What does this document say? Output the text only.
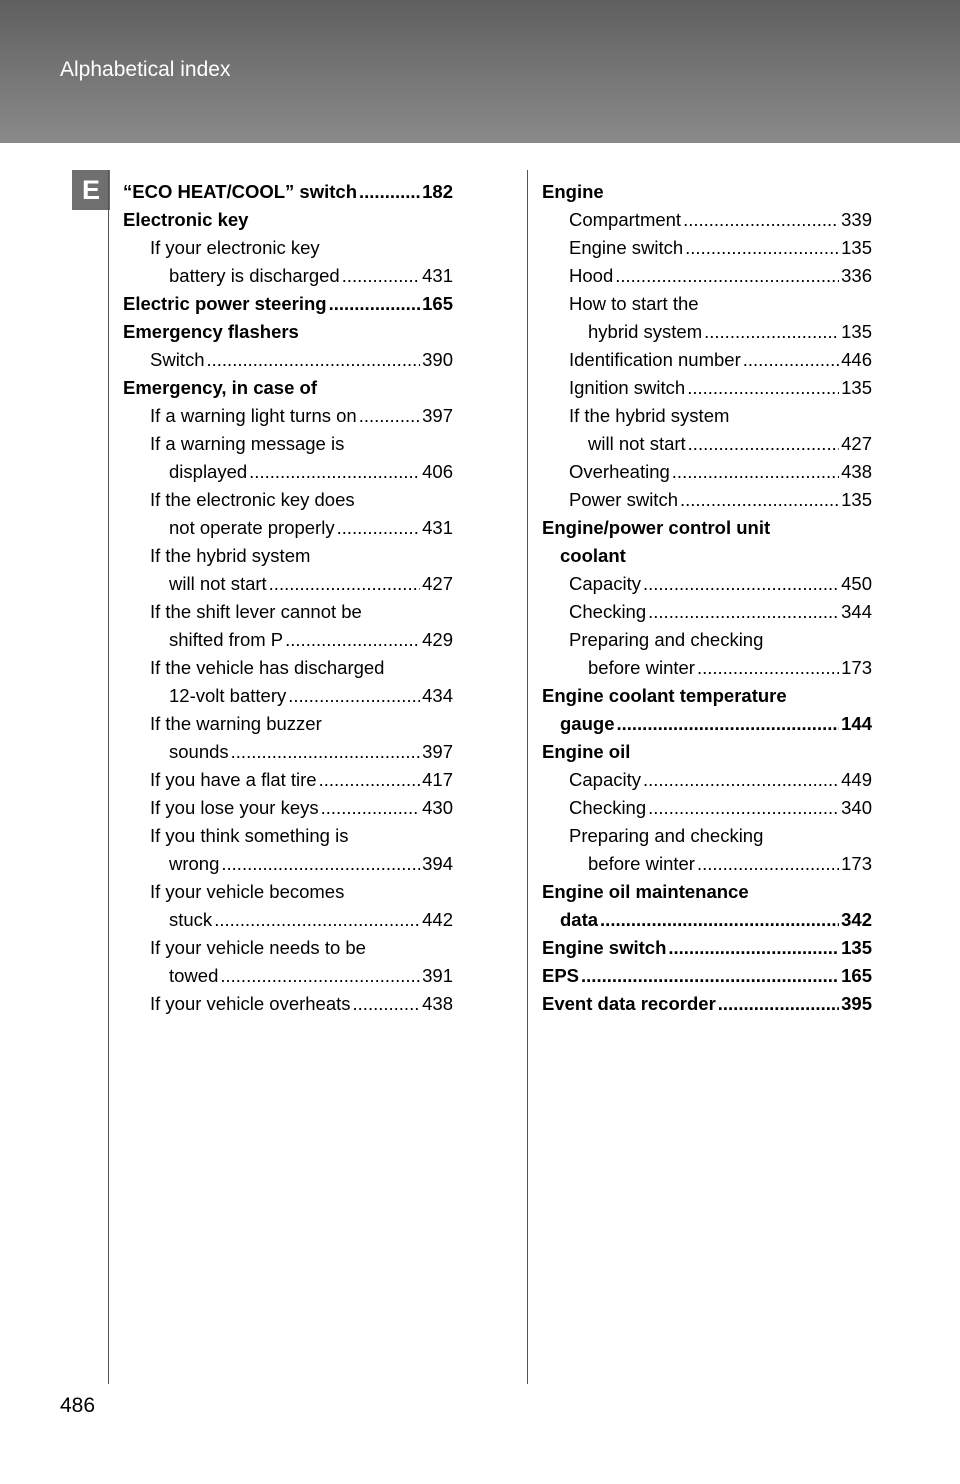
Alphabetical index
E	“ECO HEAT/COOL” switch .....	182
Electronic key
If your electronic key
battery is discharged .....	431
Electric power steering .....	165
Emergency flashers
Switch .....	390
Emergency, in case of
If a warning light turns on .....	397
If a warning message is
displayed .....	406
If the electronic key does
not operate properly .....	431
If the hybrid system
will not start .....	427
If the shift lever cannot be
shifted from P .....	429
If the vehicle has discharged
12-volt battery .....	434
If the warning buzzer
sounds .....	397
If you have a flat tire .....	417
If you lose your keys .....	430
If you think something is
wrong .....	394
If your vehicle becomes
stuck .....	442
If your vehicle needs to be
towed .....	391
If your vehicle overheats .....	438
Engine
Compartment .....	339
Engine switch .....	135
Hood .....	336
How to start the
hybrid system .....	135
Identification number .....	446
Ignition switch .....	135
If the hybrid system
will not start .....	427
Overheating .....	438
Power switch .....	135
Engine/power control unit
coolant
Capacity .....	450
Checking .....	344
Preparing and checking
before winter .....	173
Engine coolant temperature
gauge .....	144
Engine oil
Capacity .....	449
Checking .....	340
Preparing and checking
before winter .....	173
Engine oil maintenance
data .....	342
Engine switch .....	135
EPS .....	165
Event data recorder .....	395
486
